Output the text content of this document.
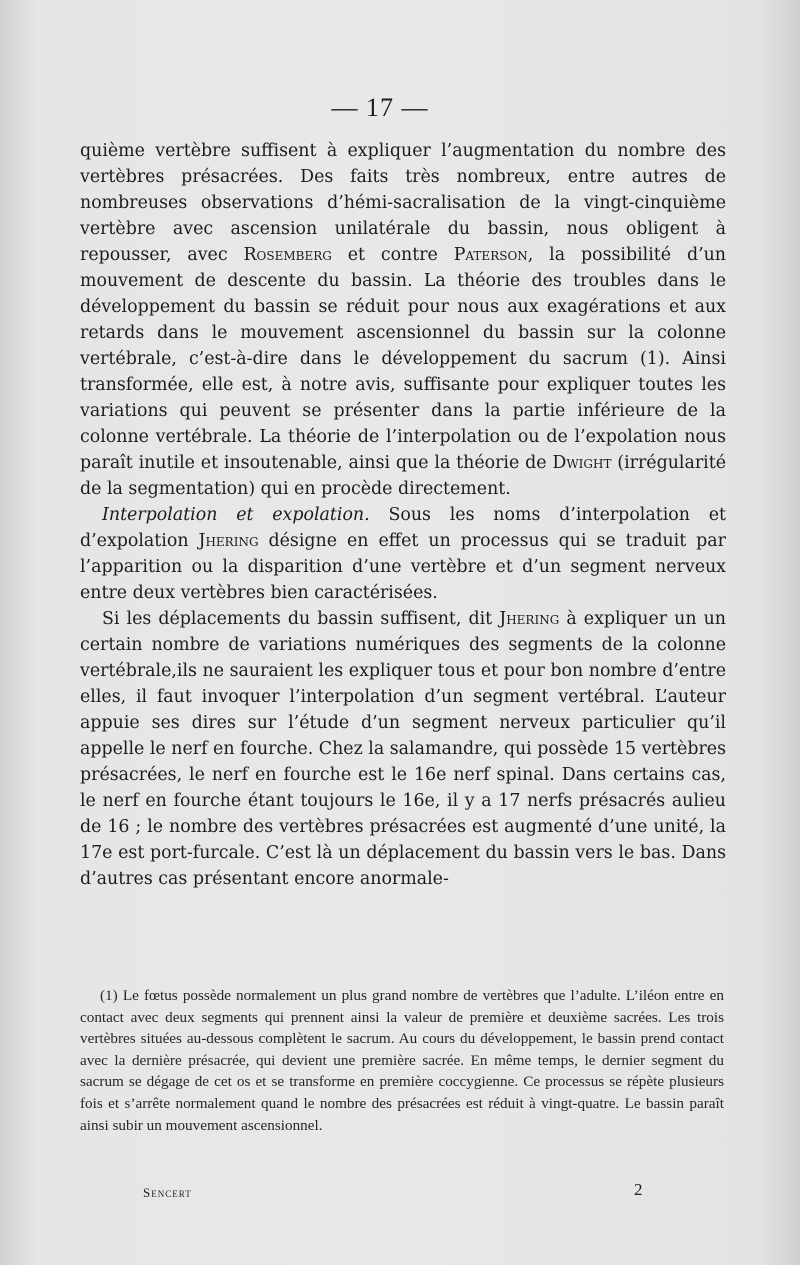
— 17 —

quième vertèbre suffisent à expliquer l’augmentation du nombre des vertèbres présacrées. Des faits très nombreux, entre autres de nombreuses observations d’hémi-sacralisation de la vingt-cinquième vertèbre avec ascension unilatérale du bassin, nous obligent à repousser, avec Rosemberg et contre Paterson, la possibilité d’un mouvement de descente du bassin. La théorie des troubles dans le développement du bassin se réduit pour nous aux exagérations et aux retards dans le mouvement ascensionnel du bassin sur la colonne vertébrale, c’est-à-dire dans le développement du sacrum (1). Ainsi transformée, elle est, à notre avis, suffisante pour expliquer toutes les variations qui peuvent se présenter dans la partie inférieure de la colonne vertébrale. La théorie de l’interpolation ou de l’expolation nous paraît inutile et insoutenable, ainsi que la théorie de Dwight (irrégularité de la segmentation) qui en procède directement.

Interpolation et expolation. Sous les noms d’interpolation et d’expolation Jhering désigne en effet un processus qui se traduit par l’apparition ou la disparition d’une vertèbre et d’un segment nerveux entre deux vertèbres bien caractérisées.

Si les déplacements du bassin suffisent, dit Jhering à expliquer un un certain nombre de variations numériques des segments de la colonne vertébrale,ils ne sauraient les expliquer tous et pour bon nombre d’entre elles, il faut invoquer l’interpolation d’un segment vertébral. L’auteur appuie ses dires sur l’étude d’un segment nerveux particulier qu’il appelle le nerf en fourche. Chez la salamandre, qui possède 15 vertèbres présacrées, le nerf en fourche est le 16e nerf spinal. Dans certains cas, le nerf en fourche étant toujours le 16e, il y a 17 nerfs présacrés aulieu de 16 ; le nombre des vertèbres présacrées est augmenté d’une unité, la 17e est port-furcale. C’est là un déplacement du bassin vers le bas. Dans d’autres cas présentant encore anormale-

(1) Le fœtus possède normalement un plus grand nombre de vertèbres que l’adulte. L’iléon entre en contact avec deux segments qui prennent ainsi la valeur de première et deuxième sacrées. Les trois vertèbres situées au-dessous complètent le sacrum. Au cours du développement, le bassin prend contact avec la dernière présacrée, qui devient une première sacrée. En même temps, le dernier segment du sacrum se dégage de cet os et se transforme en première coccygienne. Ce processus se répète plusieurs fois et s’arrête normalement quand le nombre des présacrées est réduit à vingt-quatre. Le bassin paraît ainsi subir un mouvement ascensionnel.

Sencert	2
